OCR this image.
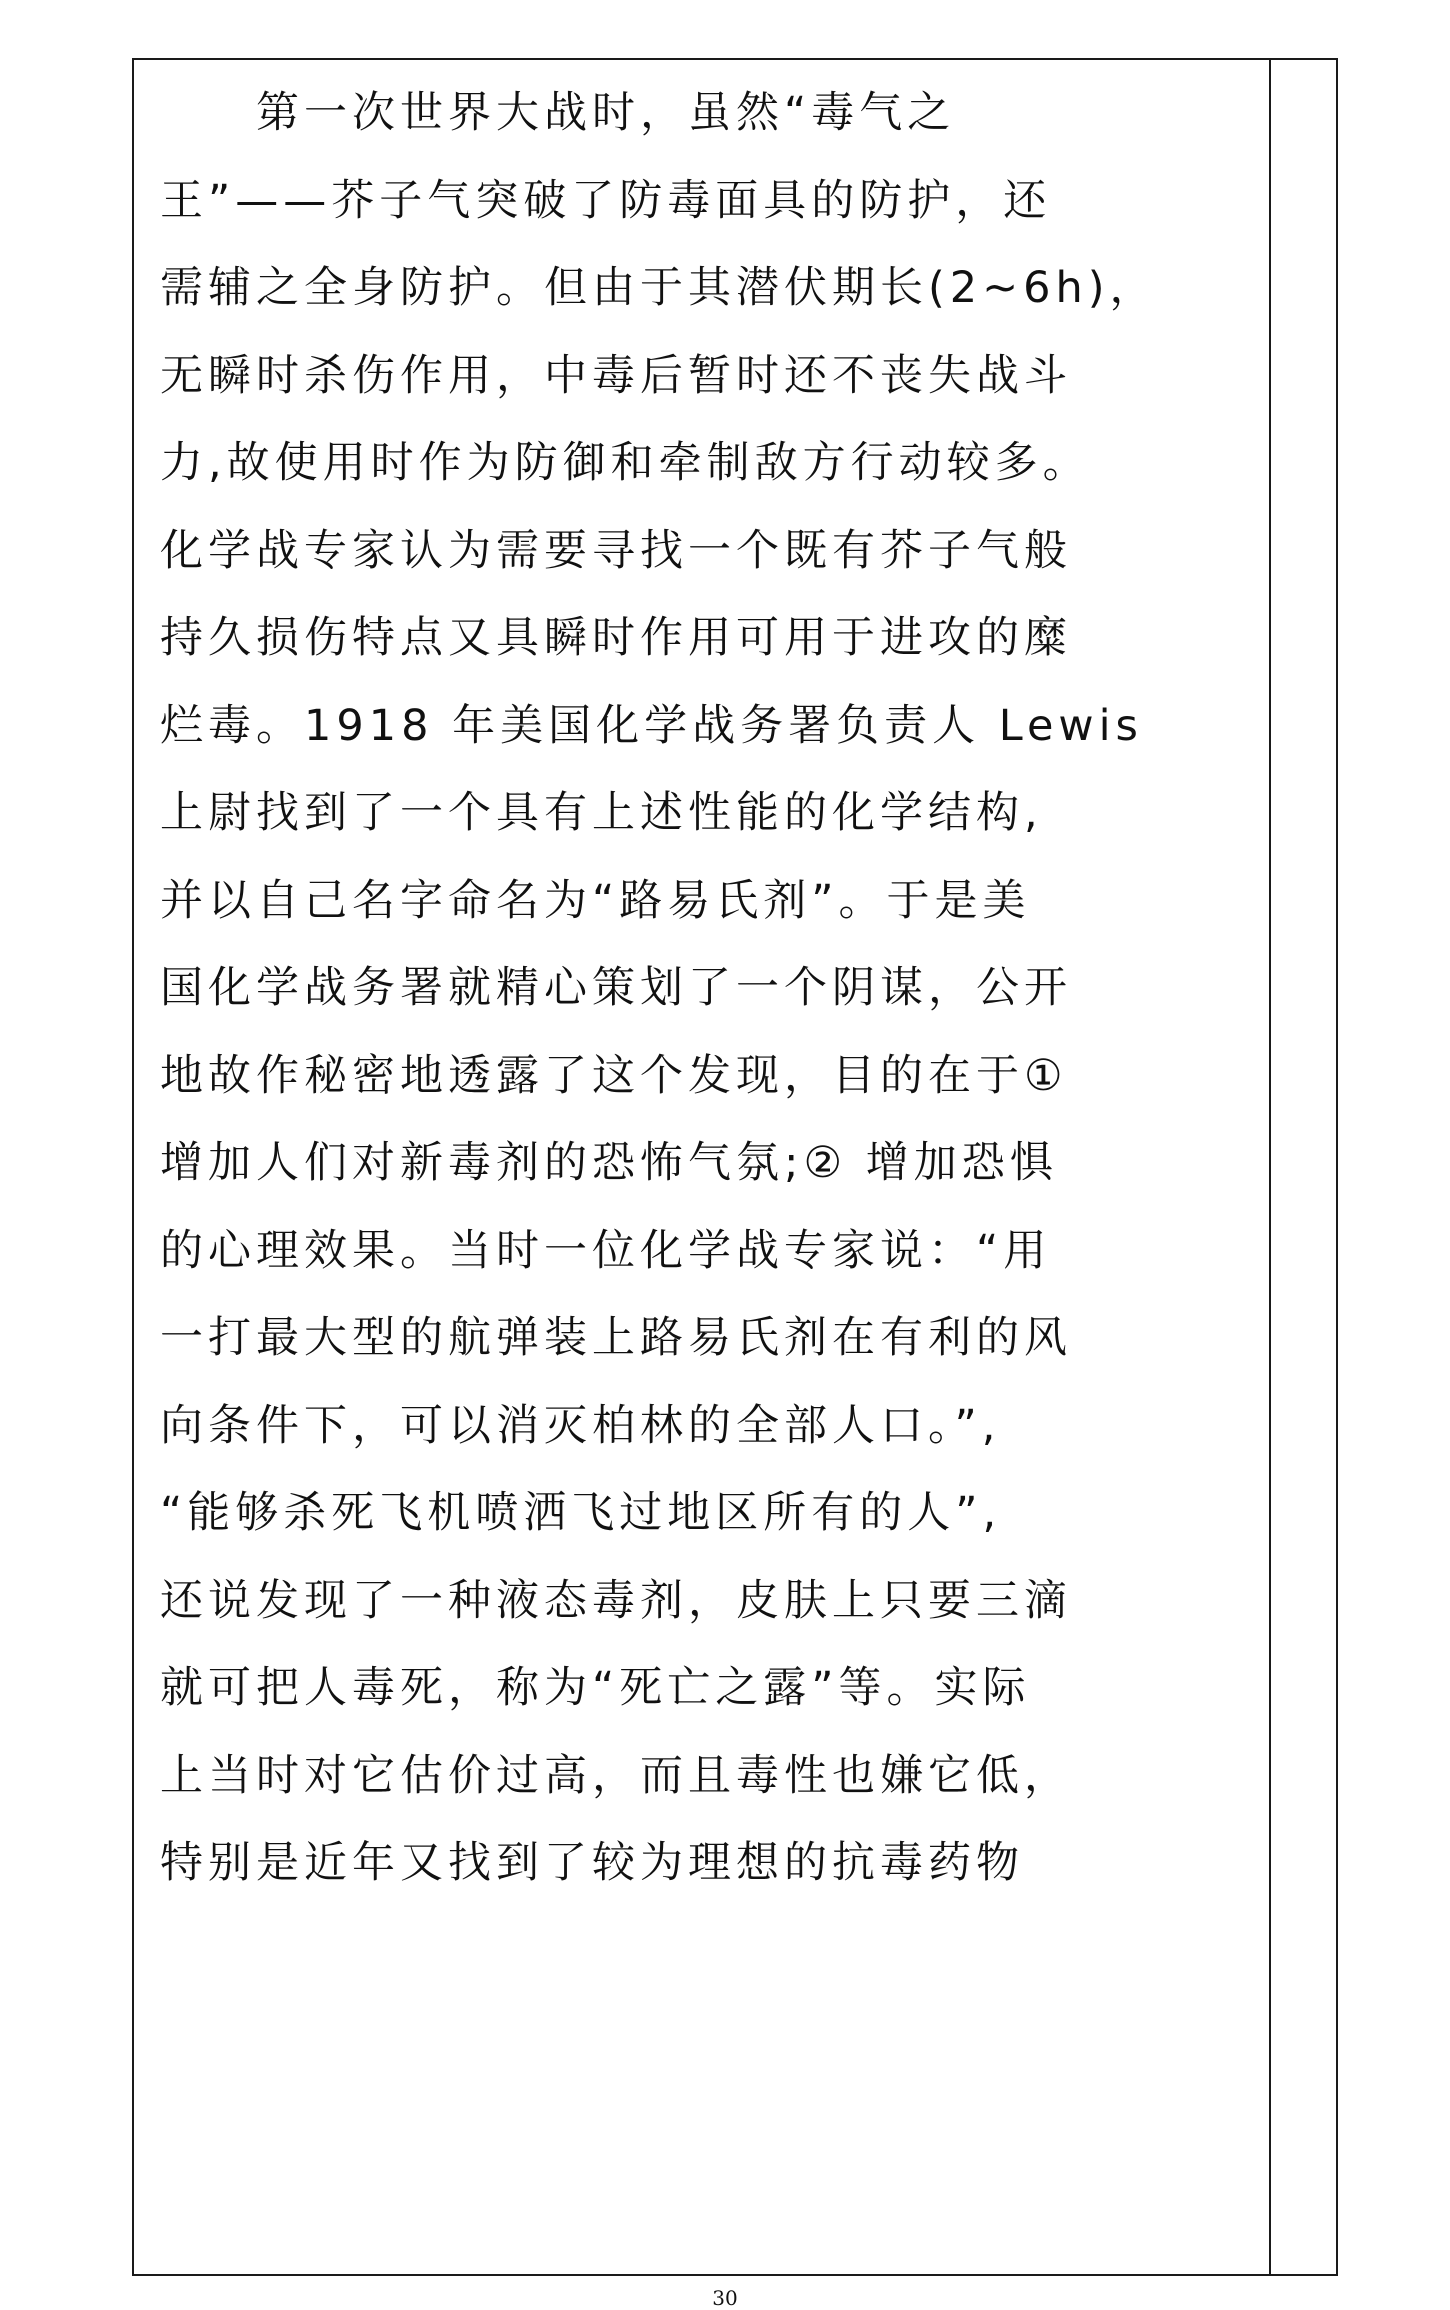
　　第一次世界大战时，虽然“毒气之
王”——芥子气突破了防毒面具的防护，还
需辅之全身防护。但由于其潜伏期长(2~6h)，
无瞬时杀伤作用，中毒后暂时还不丧失战斗
力,故使用时作为防御和牵制敌方行动较多。
化学战专家认为需要寻找一个既有芥子气般
持久损伤特点又具瞬时作用可用于进攻的糜
烂毒。1918 年美国化学战务署负责人 Lewis
上尉找到了一个具有上述性能的化学结构,
并以自己名字命名为“路易氏剂”。于是美
国化学战务署就精心策划了一个阴谋，公开
地故作秘密地透露了这个发现，目的在于①
增加人们对新毒剂的恐怖气氛;② 增加恐惧
的心理效果。当时一位化学战专家说：“用
一打最大型的航弹装上路易氏剂在有利的风
向条件下，可以消灭柏林的全部人口。”,
“能够杀死飞机喷洒飞过地区所有的人”,
还说发现了一种液态毒剂，皮肤上只要三滴
就可把人毒死，称为“死亡之露”等。实际
上当时对它估价过高，而且毒性也嫌它低，
特别是近年又找到了较为理想的抗毒药物
30
